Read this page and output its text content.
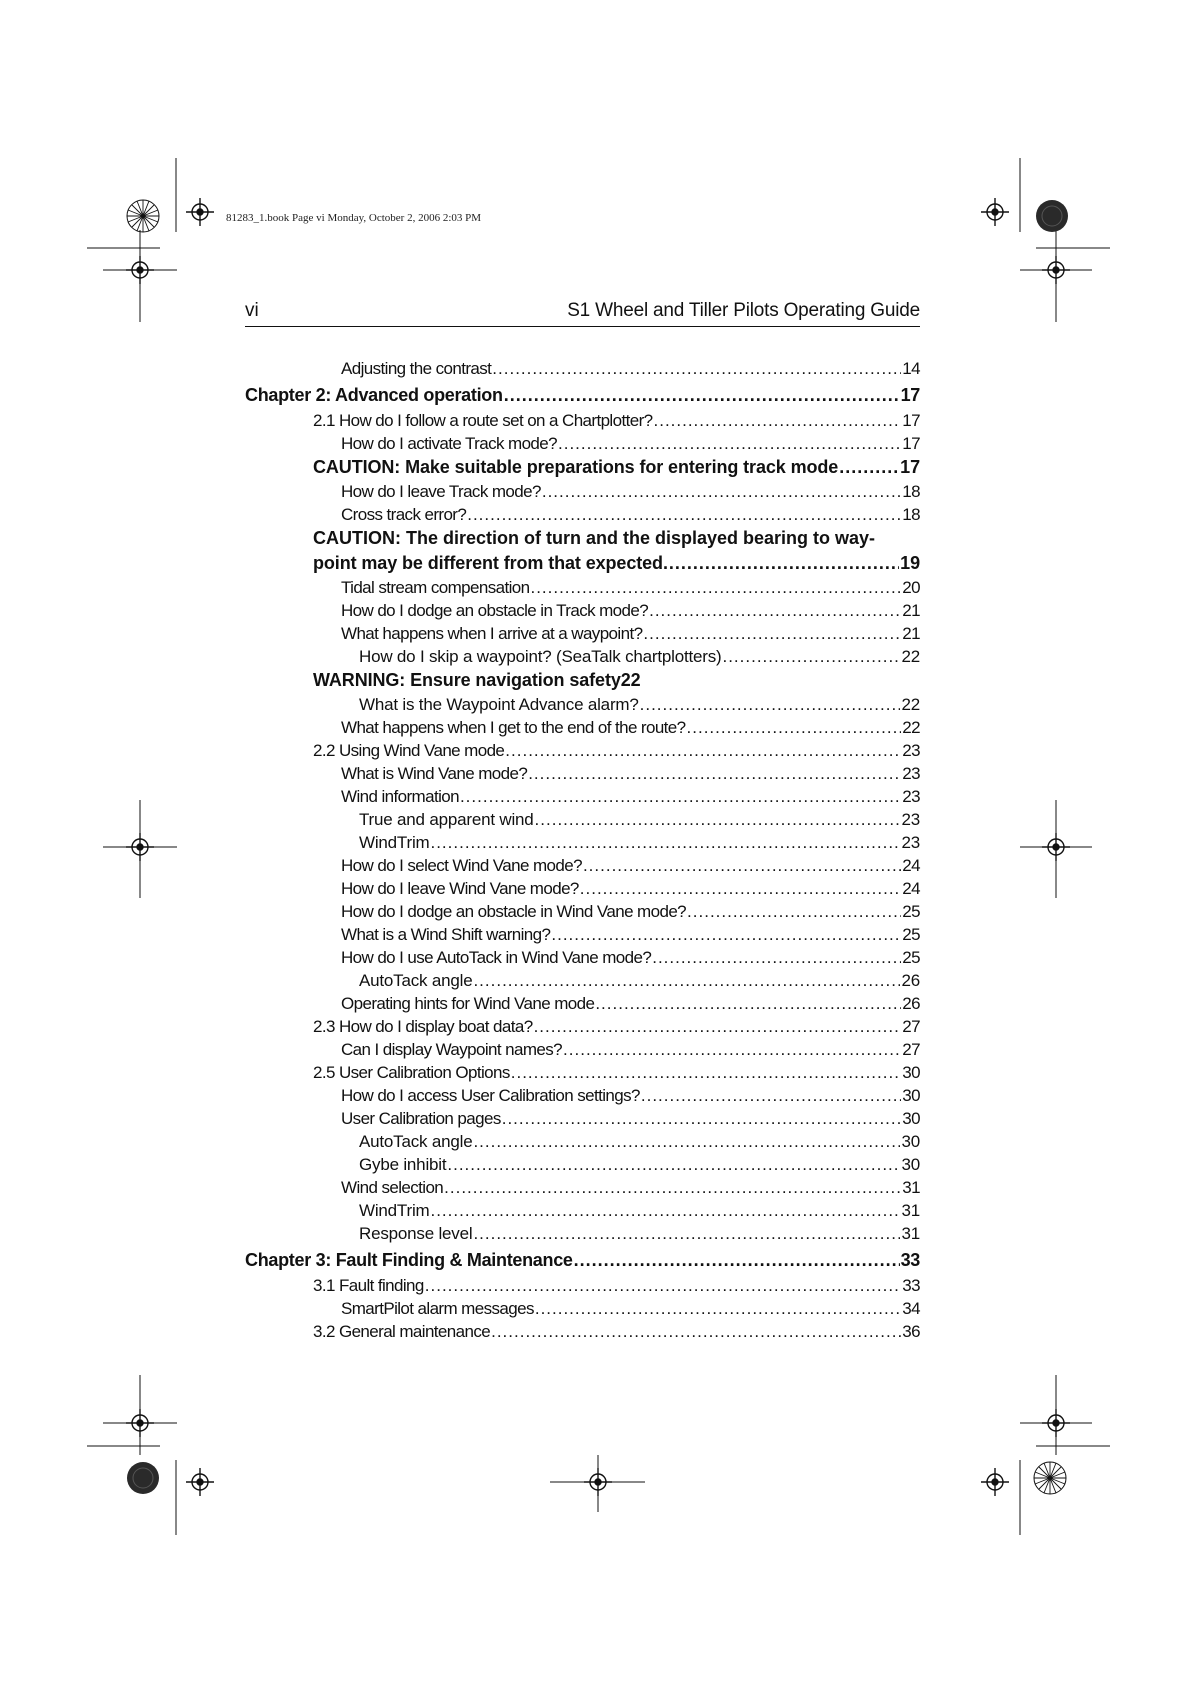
81283_1.book Page vi Monday, October 2, 2006 2:03 PM
vi	S1 Wheel and Tiller Pilots Operating Guide
Adjusting the contrast .....	14
Chapter 2: Advanced operation .....	17
2.1 How do I follow a route set on a Chartplotter? .....	17
How do I activate Track mode? .....	17
CAUTION: Make suitable preparations for entering track mode .....	17
How do I leave Track mode? .....	18
Cross track error? .....	18
CAUTION: The direction of turn and the displayed bearing to way-
point may be different from that expected. .....	19
Tidal stream compensation .....	20
How do I dodge an obstacle in Track mode? .....	21
What happens when I arrive at a waypoint? .....	21
How do I skip a waypoint? (SeaTalk chartplotters) .....	22
WARNING: Ensure navigation safety 22
What is the Waypoint Advance alarm? .....	22
What happens when I get to the end of the route? .....	22
2.2 Using Wind Vane mode .....	23
What is Wind Vane mode? .....	23
Wind information .....	23
True and apparent wind .....	23
WindTrim .....	23
How do I select Wind Vane mode? .....	24
How do I leave Wind Vane mode? .....	24
How do I dodge an obstacle in Wind Vane mode? .....	25
What is a Wind Shift warning? .....	25
How do I use AutoTack in Wind Vane mode? .....	25
AutoTack angle .....	26
Operating hints for Wind Vane mode .....	26
2.3 How do I display boat data? .....	27
Can I display Waypoint names? .....	27
2.5 User Calibration Options .....	30
How do I access User Calibration settings? .....	30
User Calibration pages .....	30
AutoTack angle .....	30
Gybe inhibit .....	30
Wind selection .....	31
WindTrim .....	31
Response level .....	31
Chapter 3: Fault Finding & Maintenance .....	33
3.1 Fault finding .....	33
SmartPilot alarm messages .....	34
3.2 General maintenance .....	36
